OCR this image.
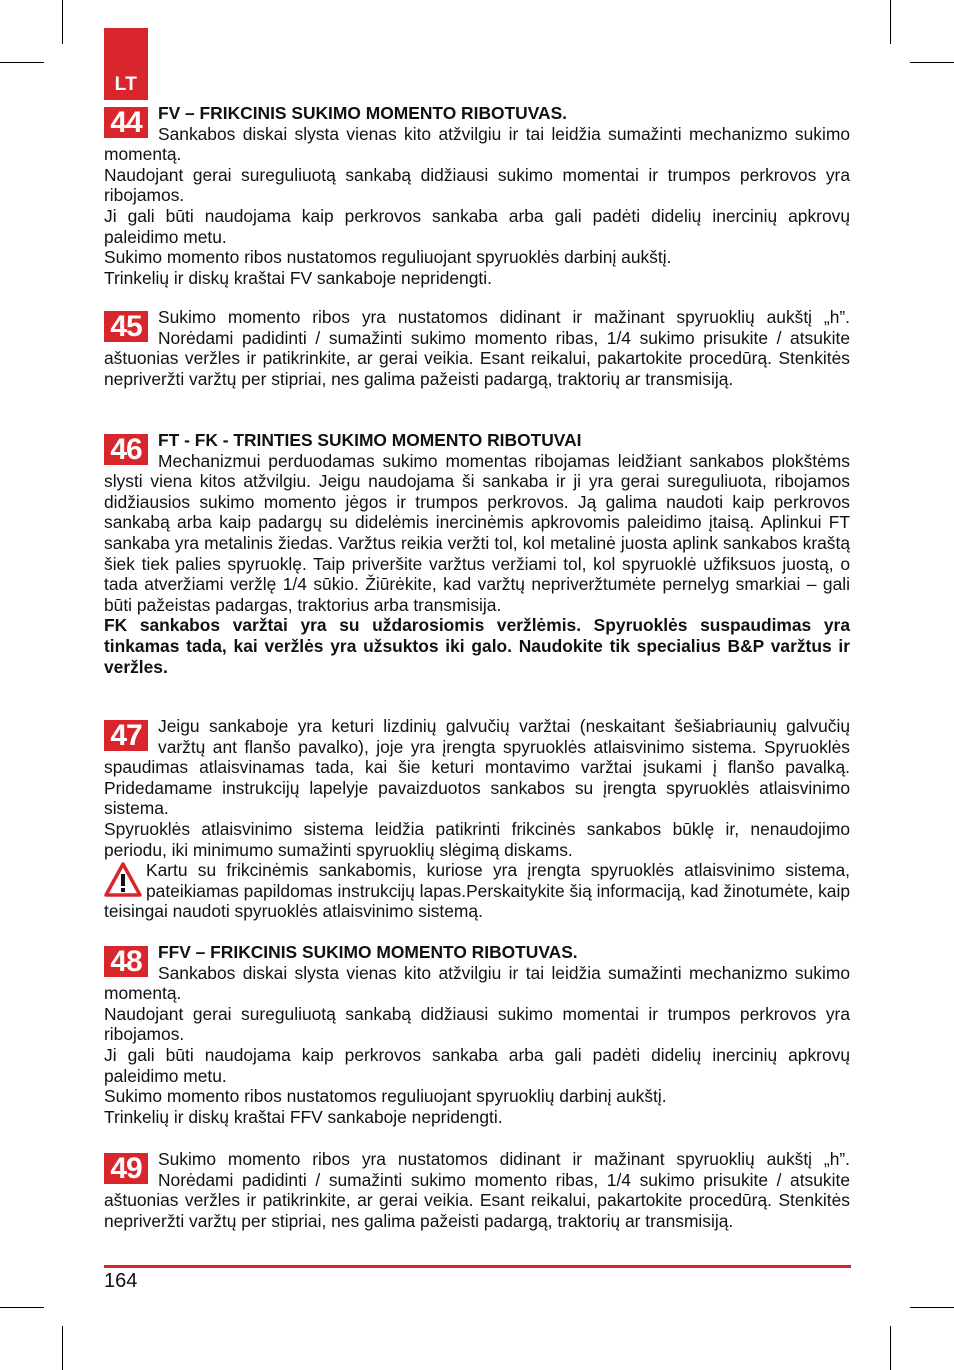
LT
44 FV – FRIKCINIS SUKIMO MOMENTO RIBOTUVAS.

Sankabos diskai slysta vienas kito atžvilgiu ir tai leidžia sumažinti mechanizmo sukimo momentą.

Naudojant gerai sureguliuotą sankabą didžiausi sukimo momentai ir trumpos perkrovos yra ribojamos.

Ji gali būti naudojama kaip perkrovos sankaba arba gali padėti didelių inercinių apkrovų paleidimo metu.

Sukimo momento ribos nustatomos reguliuojant spyruoklės darbinį aukštį.

Trinkelių ir diskų kraštai FV sankaboje nepridengti.

45 Sukimo momento ribos yra nustatomos didinant ir mažinant spyruoklių aukštį „h”. Norėdami padidinti / sumažinti sukimo momento ribas, 1/4 sukimo prisukite / atsukite aštuonias veržles ir patikrinkite, ar gerai veikia. Esant reikalui, pakartokite procedūrą. Stenkitės nepriveržti varžtų per stipriai, nes galima pažeisti padargą, traktorių ar transmisiją.

46 FT - FK - TRINTIES SUKIMO MOMENTO RIBOTUVAI

Mechanizmui perduodamas sukimo momentas ribojamas leidžiant sankabos plokštėms slysti viena kitos atžvilgiu. Jeigu naudojama ši sankaba ir ji yra gerai sureguliuota, ribojamos didžiausios sukimo momento jėgos ir trumpos perkrovos. Ją galima naudoti kaip perkrovos sankabą arba kaip padargų su didelėmis inercinėmis apkrovomis paleidimo įtaisą. Aplinkui FT sankaba yra metalinis žiedas. Varžtus reikia veržti tol, kol metalinė juosta aplink sankabos kraštą šiek tiek palies spyruoklę. Taip priveršite varžtus veržiami tol, kol spyruoklė užfiksuos juostą, o tada atveržiami veržlę 1/4 sūkio. Žiūrėkite, kad varžtų nepriveržtumėte pernelyg smarkiai – gali būti pažeistas padargas, traktorius arba transmisija.

FK sankabos varžtai yra su uždarosiomis veržlėmis. Spyruoklės suspaudimas yra tinkamas tada, kai veržlės yra užsuktos iki galo. Naudokite tik specialius B&P varžtus ir veržles.

47 Jeigu sankaboje yra keturi lizdinių galvučių varžtai (neskaitant šešiabriaunių galvučių varžtų ant flanšo pavalko), joje yra įrengta spyruoklės atlaisvinimo sistema. Spyruoklės spaudimas atlaisvinamas tada, kai šie keturi montavimo varžtai įsukami į flanšo pavalką. Pridedamame instrukcijų lapelyje pavaizduotos sankabos su įrengta spyruoklės atlaisvinimo sistema.

Spyruoklės atlaisvinimo sistema leidžia patikrinti frikcinės sankabos būklę ir, nenaudojimo periodu, iki minimumo sumažinti spyruoklių slėgimą diskams.

Kartu su frikcinėmis sankabomis, kuriose yra įrengta spyruoklės atlaisvinimo sistema, pateikiamas papildomas instrukcijų lapas.Perskaitykite šią informaciją, kad žinotumėte, kaip teisingai naudoti spyruoklės atlaisvinimo sistemą.

48 FFV – FRIKCINIS SUKIMO MOMENTO RIBOTUVAS.

Sankabos diskai slysta vienas kito atžvilgiu ir tai leidžia sumažinti mechanizmo sukimo momentą.

Naudojant gerai sureguliuotą sankabą didžiausi sukimo momentai ir trumpos perkrovos yra ribojamos.

Ji gali būti naudojama kaip perkrovos sankaba arba gali padėti didelių inercinių apkrovų paleidimo metu.

Sukimo momento ribos nustatomos reguliuojant spyruoklių darbinį aukštį.

Trinkelių ir diskų kraštai FFV sankaboje nepridengti.

49 Sukimo momento ribos yra nustatomos didinant ir mažinant spyruoklių aukštį „h”. Norėdami padidinti / sumažinti sukimo momento ribas, 1/4 sukimo prisukite / atsukite aštuonias veržles ir patikrinkite, ar gerai veikia. Esant reikalui, pakartokite procedūrą. Stenkitės nepriveržti varžtų per stipriai, nes galima pažeisti padargą, traktorių ar transmisiją.

164
